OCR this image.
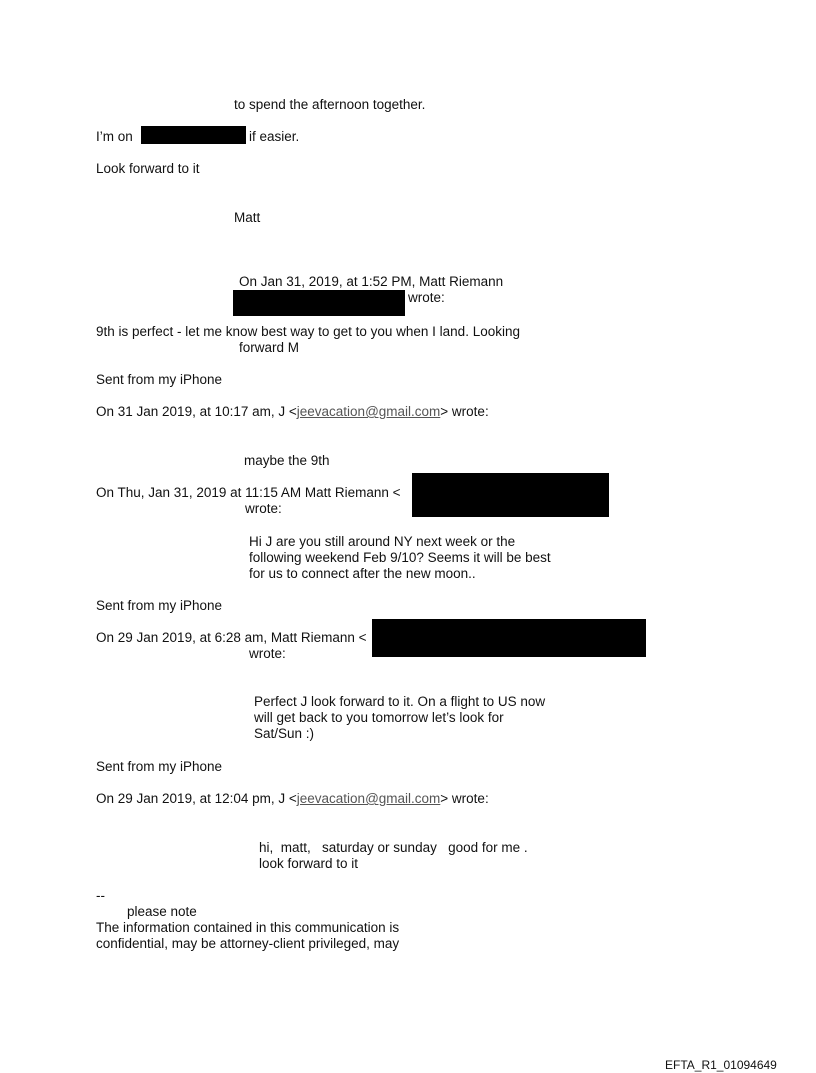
to spend the afternoon together.
I’m on	if easier.
Look forward to it
Matt
On Jan 31, 2019, at 1:52 PM, Matt Riemann
wrote:
9th is perfect - let me know best way to get to you when I land. Looking
forward M
Sent from my iPhone
On 31 Jan 2019, at 10:17 am, J <jeevacation@gmail.com> wrote:
maybe the 9th
On Thu, Jan 31, 2019 at 11:15 AM Matt Riemann <
wrote:
Hi J are you still around NY next week or the
following weekend Feb 9/10? Seems it will be best
for us to connect after the new moon..
Sent from my iPhone
On 29 Jan 2019, at 6:28 am, Matt Riemann <
wrote:
Perfect J look forward to it. On a flight to US now
will get back to you tomorrow let’s look for
Sat/Sun :)
Sent from my iPhone
On 29 Jan 2019, at 12:04 pm, J <jeevacation@gmail.com> wrote:
hi,  matt,   saturday or sunday   good for me .
look forward to it
--
please note
The information contained in this communication is
confidential, may be attorney-client privileged, may
EFTA_R1_01094649
